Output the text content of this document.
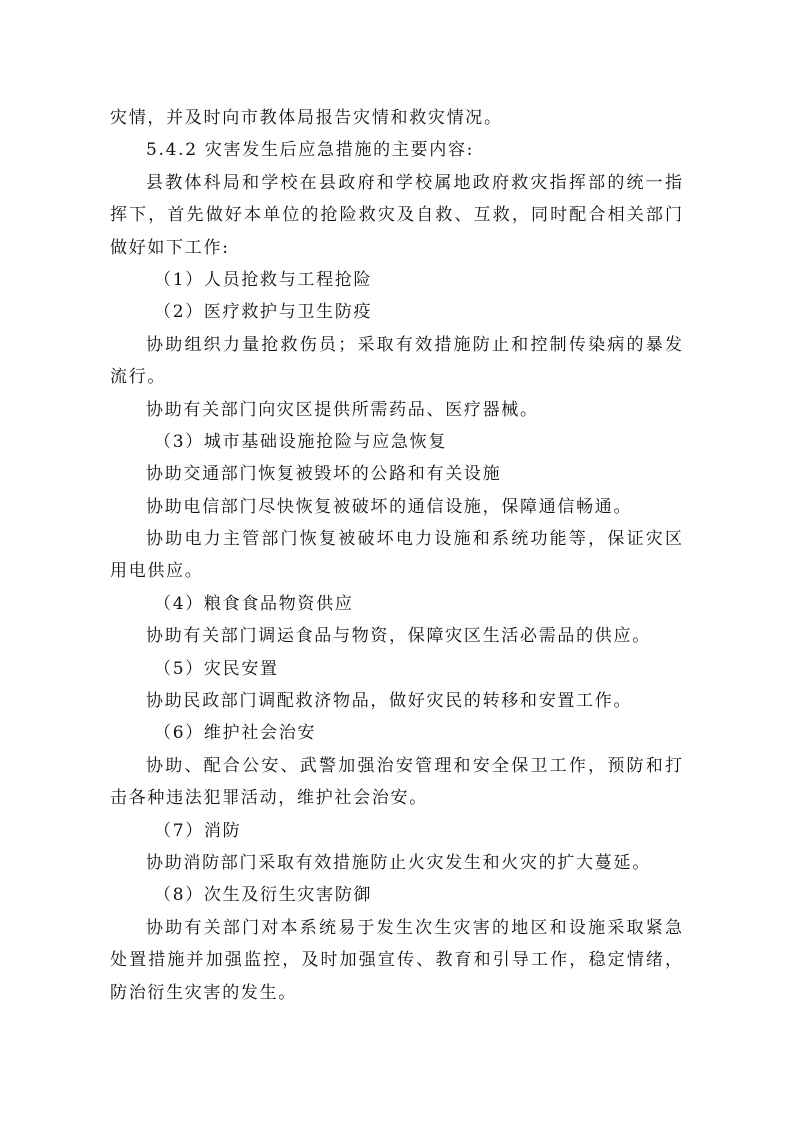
灾情，并及时向市教体局报告灾情和救灾情况。

5.4.2 灾害发生后应急措施的主要内容:

县教体科局和学校在县政府和学校属地政府救灾指挥部的统一指

挥下，首先做好本单位的抢险救灾及自救、互救，同时配合相关部门

做好如下工作:

（1）人员抢救与工程抢险

（2）医疗救护与卫生防疫

协助组织力量抢救伤员；采取有效措施防止和控制传染病的暴发

流行。

协助有关部门向灾区提供所需药品、医疗器械。

（3）城市基础设施抢险与应急恢复

协助交通部门恢复被毁坏的公路和有关设施

协助电信部门尽快恢复被破坏的通信设施，保障通信畅通。

协助电力主管部门恢复被破坏电力设施和系统功能等，保证灾区

用电供应。

（4）粮食食品物资供应

协助有关部门调运食品与物资，保障灾区生活必需品的供应。

（5）灾民安置

协助民政部门调配救济物品，做好灾民的转移和安置工作。

（6）维护社会治安

协助、配合公安、武警加强治安管理和安全保卫工作，预防和打

击各种违法犯罪活动，维护社会治安。

（7）消防

协助消防部门采取有效措施防止火灾发生和火灾的扩大蔓延。

（8）次生及衍生灾害防御

协助有关部门对本系统易于发生次生灾害的地区和设施采取紧急

处置措施并加强监控，及时加强宣传、教育和引导工作，稳定情绪，

防治衍生灾害的发生。
